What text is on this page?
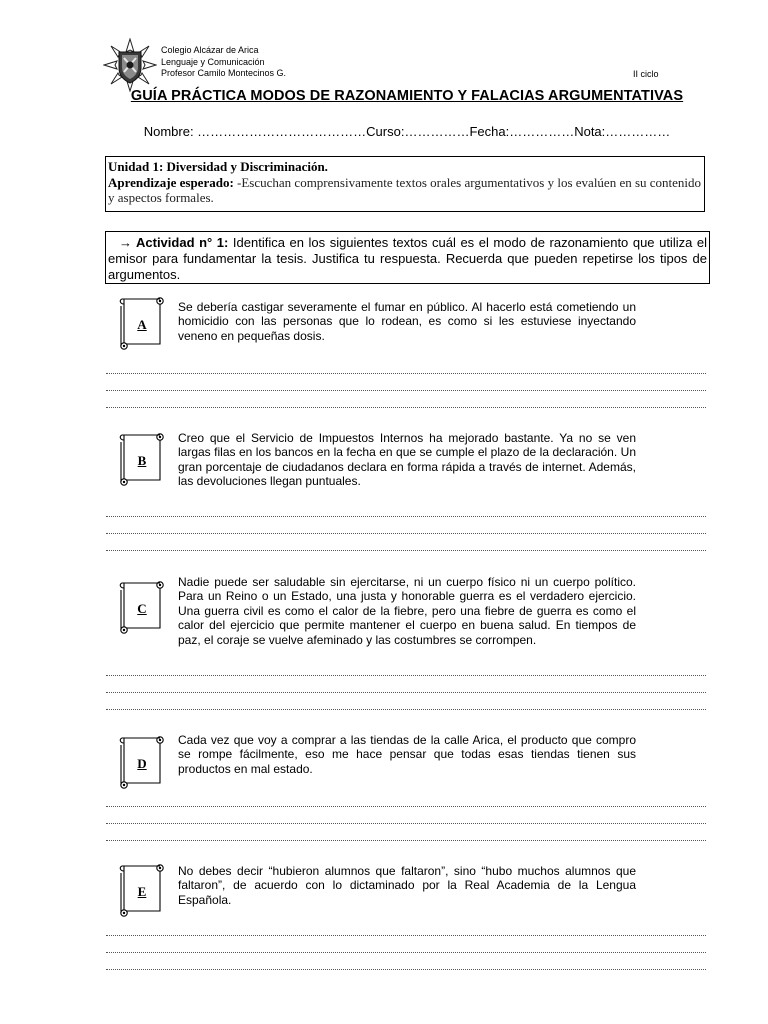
Colegio Alcázar de Arica
Lenguaje y Comunicación
Profesor Camilo Montecinos G.	II ciclo
GUÍA PRÁCTICA MODOS DE RAZONAMIENTO Y FALACIAS ARGUMENTATIVAS
Nombre: …………………………………Curso:……………Fecha:……………Nota:……………
Unidad 1: Diversidad y Discriminación.
Aprendizaje esperado: -Escuchan comprensivamente textos orales argumentativos y los evalúen en su contenido y aspectos formales.
→ Actividad n° 1: Identifica en los siguientes textos cuál es el modo de razonamiento que utiliza el emisor para fundamentar la tesis. Justifica tu respuesta. Recuerda que pueden repetirse los tipos de argumentos.
A
Se debería castigar severamente el fumar en público. Al hacerlo está cometiendo un homicidio con las personas que lo rodean, es como si les estuviese inyectando veneno en pequeñas dosis.
B
Creo que el Servicio de Impuestos Internos ha mejorado bastante. Ya no se ven largas filas en los bancos en la fecha en que se cumple el plazo de la declaración. Un gran porcentaje de ciudadanos declara en forma rápida a través de internet. Además, las devoluciones llegan puntuales.
C
Nadie puede ser saludable sin ejercitarse, ni un cuerpo físico ni un cuerpo político. Para un Reino o un Estado, una justa y honorable guerra es el verdadero ejercicio. Una guerra civil es como el calor de la fiebre, pero una fiebre de guerra es como el calor del ejercicio que permite mantener el cuerpo en buena salud. En tiempos de paz, el coraje se vuelve afeminado y las costumbres se corrompen.
D
Cada vez que voy a comprar a las tiendas de la calle Arica, el producto que compro se rompe fácilmente, eso me hace pensar que todas esas tiendas tienen sus productos en mal estado.
E
No debes decir “hubieron alumnos que faltaron”, sino “hubo muchos alumnos que faltaron”, de acuerdo con lo dictaminado por la Real Academia de la Lengua Española.
